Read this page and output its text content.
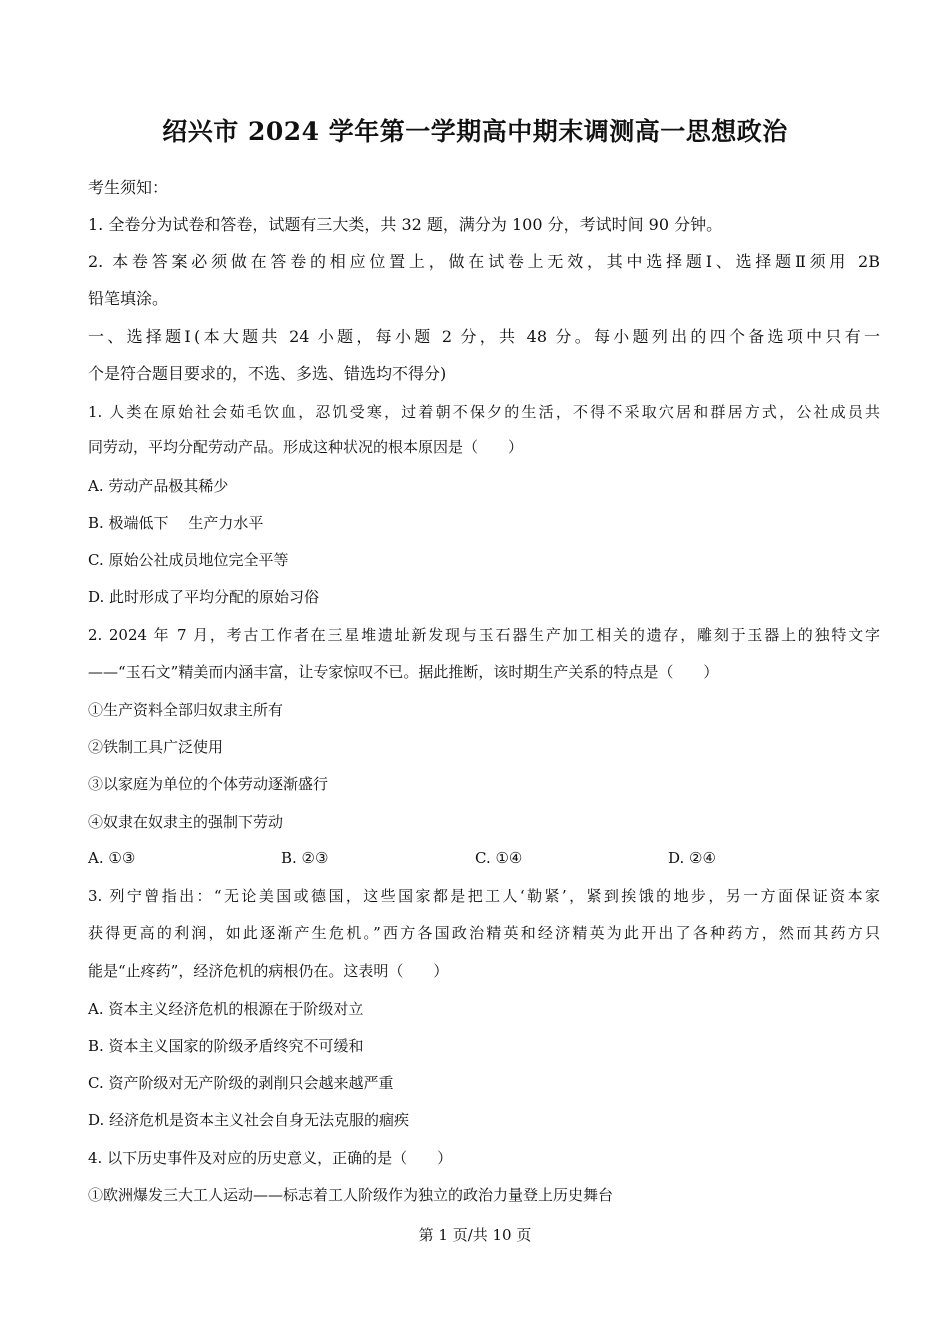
绍兴市 2024 学年第一学期高中期末调测高一思想政治
考生须知：
1. 全卷分为试卷和答卷，试题有三大类，共 32 题，满分为 100 分，考试时间 90 分钟。
2. 本卷答案必须做在答卷的相应位置上，做在试卷上无效，其中选择题Ⅰ、选择题Ⅱ须用 2B
铅笔填涂。
一、选择题Ⅰ(本大题共 24 小题，每小题 2 分，共 48 分。每小题列出的四个备选项中只有一
个是符合题目要求的，不选、多选、错选均不得分)
1. 人类在原始社会茹毛饮血，忍饥受寒，过着朝不保夕的生活，不得不采取穴居和群居方式，公社成员共
同劳动，平均分配劳动产品。形成这种状况的根本原因是（　　）
A. 劳动产品极其稀少
B. 极端低下　 生产力水平
C. 原始公社成员地位完全平等
D. 此时形成了平均分配的原始习俗
2. 2024 年 7 月，考古工作者在三星堆遗址新发现与玉石器生产加工相关的遗存，雕刻于玉器上的独特文字
——“玉石文”精美而内涵丰富，让专家惊叹不已。据此推断，该时期生产关系的特点是（　　）
①生产资料全部归奴隶主所有
②铁制工具广泛使用
③以家庭为单位的个体劳动逐渐盛行
④奴隶在奴隶主的强制下劳动
A. ①③	B. ②③	C. ①④	D. ②④
3. 列宁曾指出：“无论美国或德国，这些国家都是把工人‘勒紧’，紧到挨饿的地步，另一方面保证资本家
获得更高的利润，如此逐渐产生危机。”西方各国政治精英和经济精英为此开出了各种药方，然而其药方只
能是“止疼药”，经济危机的病根仍在。这表明（　　）
A. 资本主义经济危机的根源在于阶级对立
B. 资本主义国家的阶级矛盾终究不可缓和
C. 资产阶级对无产阶级的剥削只会越来越严重
D. 经济危机是资本主义社会自身无法克服的痼疾
4. 以下历史事件及对应的历史意义，正确的是（　　）
①欧洲爆发三大工人运动——标志着工人阶级作为独立的政治力量登上历史舞台
第 1 页/共 10 页
